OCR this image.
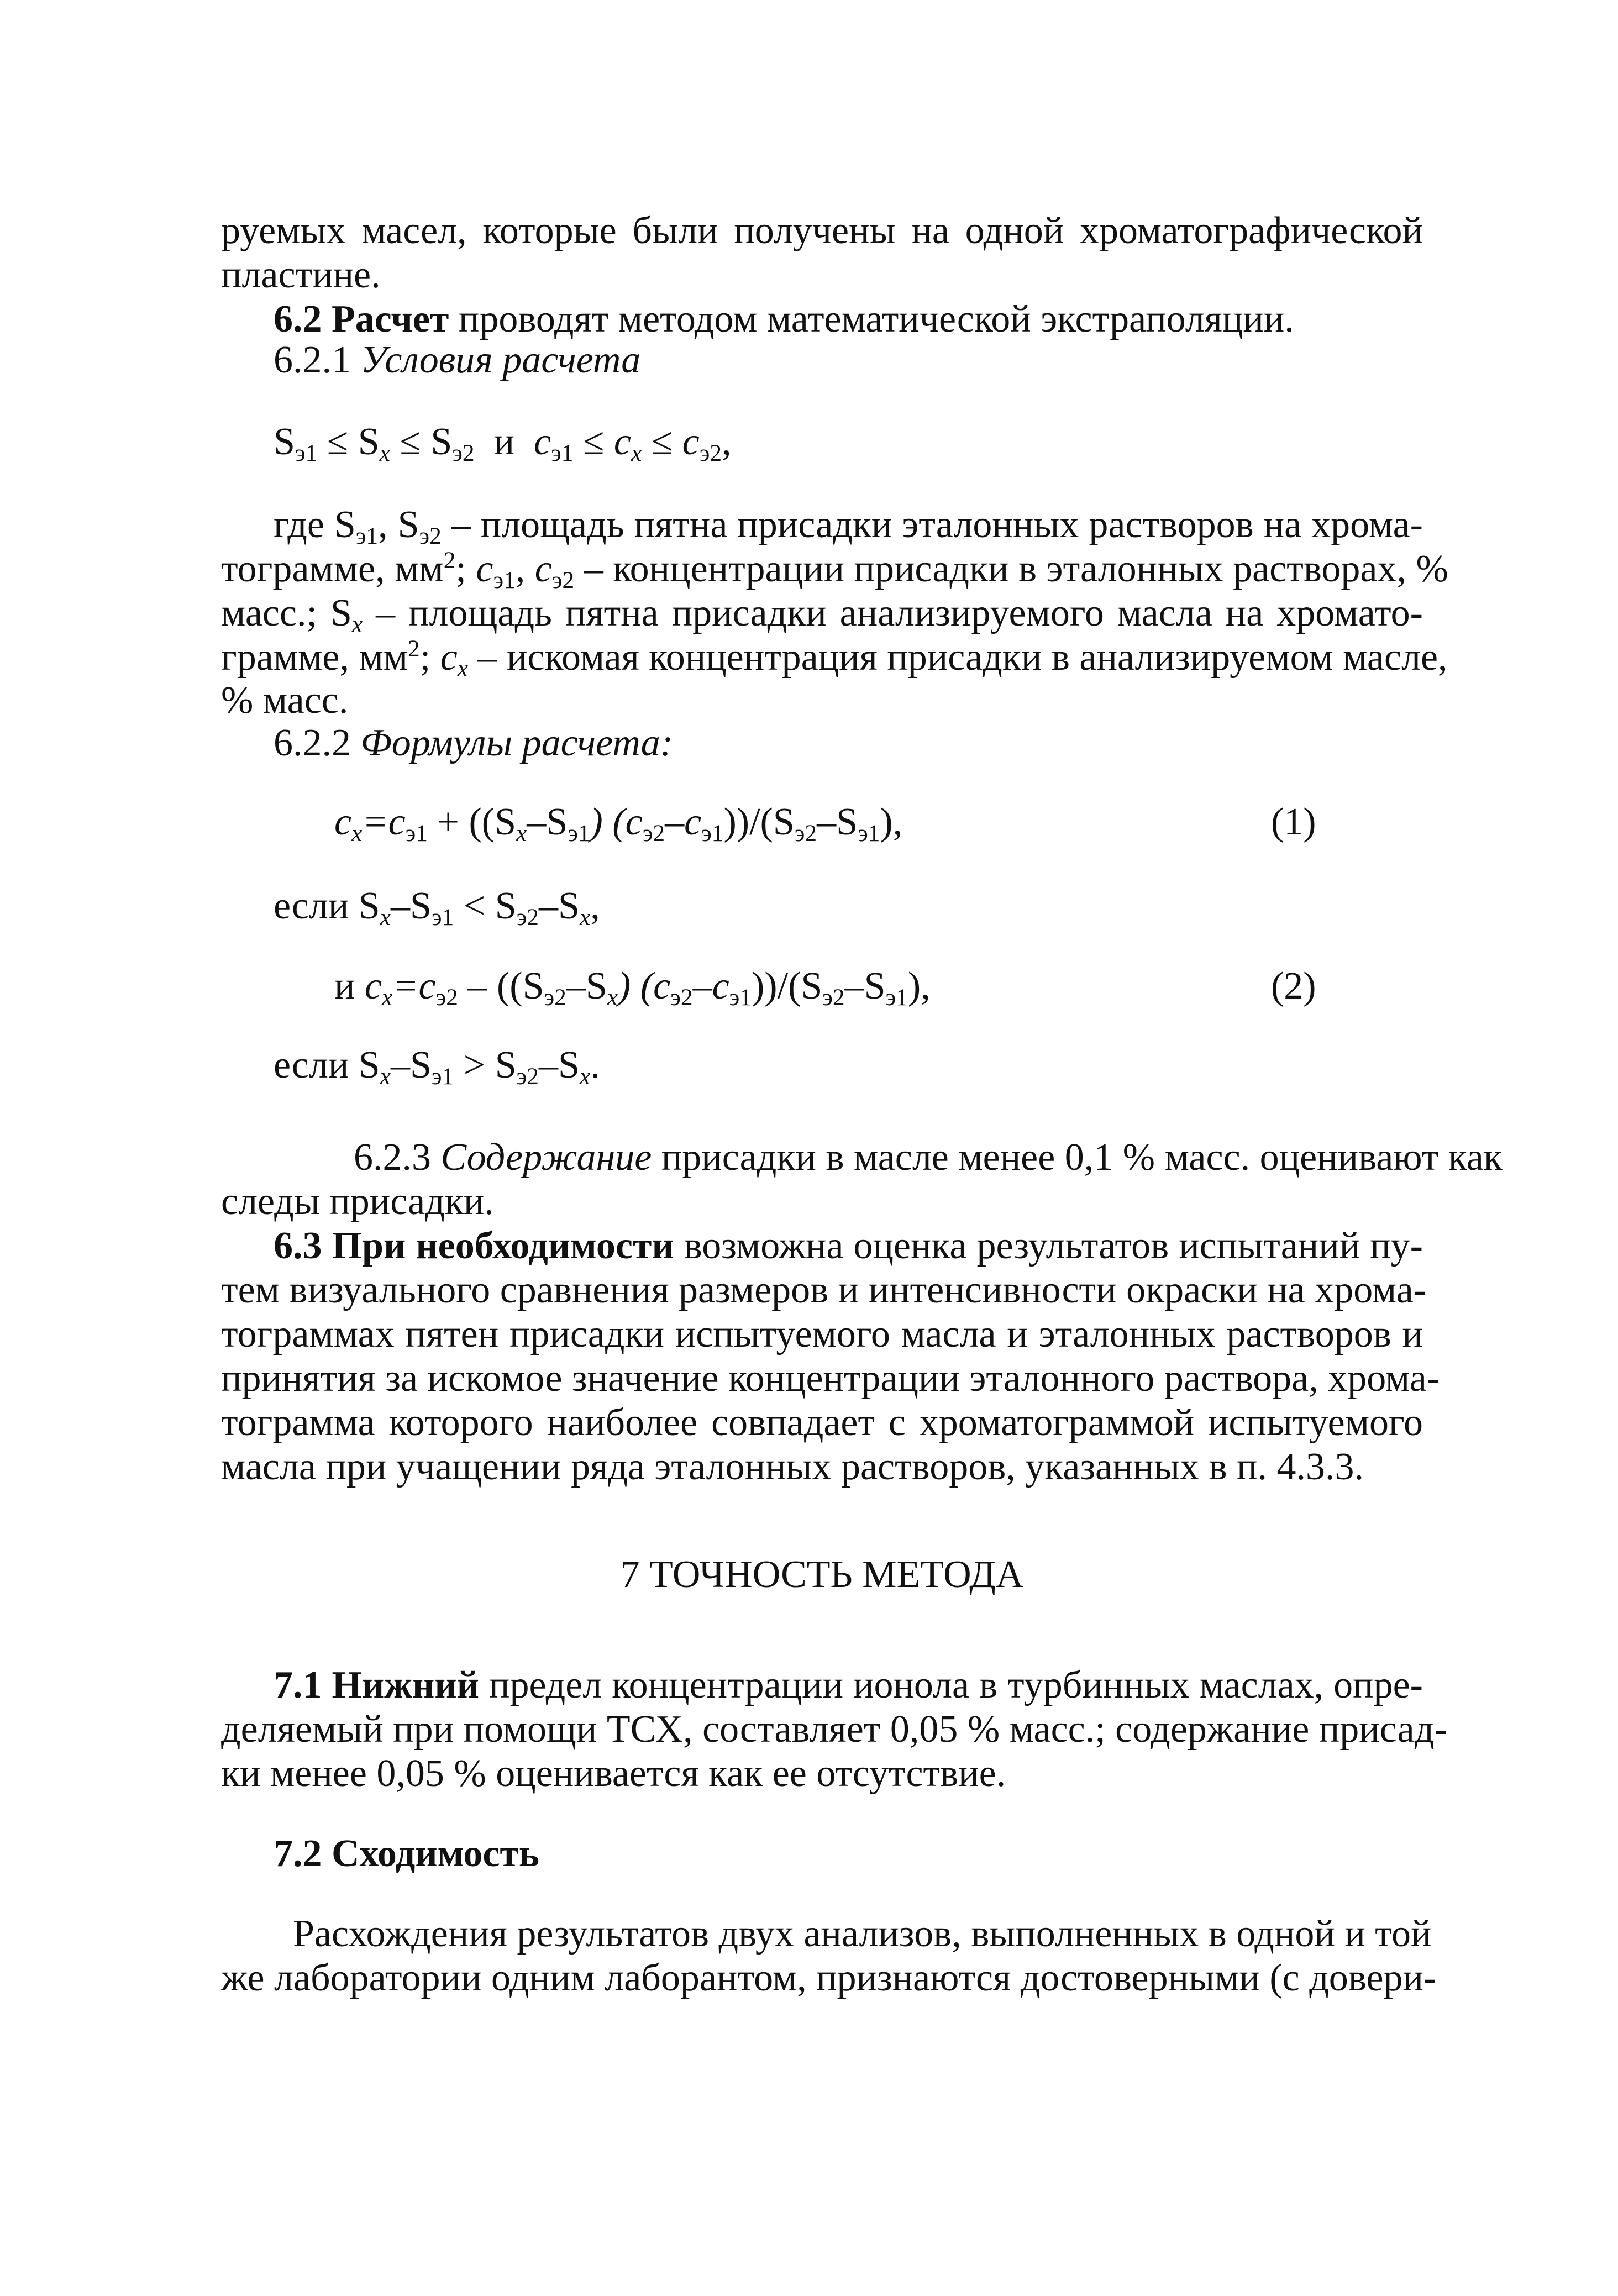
руемых масел, которые были получены на одной хроматографической
пластине.
6.2 Расчет проводят методом математической экстраполяции.
6.2.1 Условия расчета
$S_{э1} \le S_x \le S_{э2}$ и $c_{э1} \le c_x \le c_{э2}$,
где $S_{э1}$, $S_{э2}$ – площадь пятна присадки эталонных растворов на хрома-
тограмме, $мм^2$; $c_{э1}$, $c_{э2}$ – концентрации присадки в эталонных растворах, %
масс.; $S_x$ – площадь пятна присадки анализируемого масла на хромато-
грамме, $мм^2$; $c_x$ – искомая концентрация присадки в анализируемом масле,
% масс.
6.2.2 Формулы расчета:
$c_x=c_{э1} + ((S_x-S_{э1})$ $(c_{э2}-c_{э1}))/(S_{э2}-S_{э1})$,	(1)
если $S_x-S_{э1} < S_{э2}-S_x$,
и $c_x=c_{э2} - ((S_{э2}-S_x)$ $(c_{э2}-c_{э1}))/(S_{э2}-S_{э1})$,	(2)
если $S_x-S_{э1} > S_{э2}-S_x$.
6.2.3 Содержание присадки в масле менее 0,1 % масс. оценивают как
следы присадки.
6.3 При необходимости возможна оценка результатов испытаний пу-
тем визуального сравнения размеров и интенсивности окраски на хрома-
тограммах пятен присадки испытуемого масла и эталонных растворов и
принятия за искомое значение концентрации эталонного раствора, хрома-
тограмма которого наиболее совпадает с хроматограммой испытуемого
масла при учащении ряда эталонных растворов, указанных в п. 4.3.3.
7 ТОЧНОСТЬ МЕТОДА
7.1 Нижний предел концентрации ионола в турбинных маслах, опре-
деляемый при помощи ТСХ, составляет 0,05 % масс.; содержание присад-
ки менее 0,05 % оценивается как ее отсутствие.
7.2 Сходимость
Расхождения результатов двух анализов, выполненных в одной и той
же лаборатории одним лаборантом, признаются достоверными (с довери-
